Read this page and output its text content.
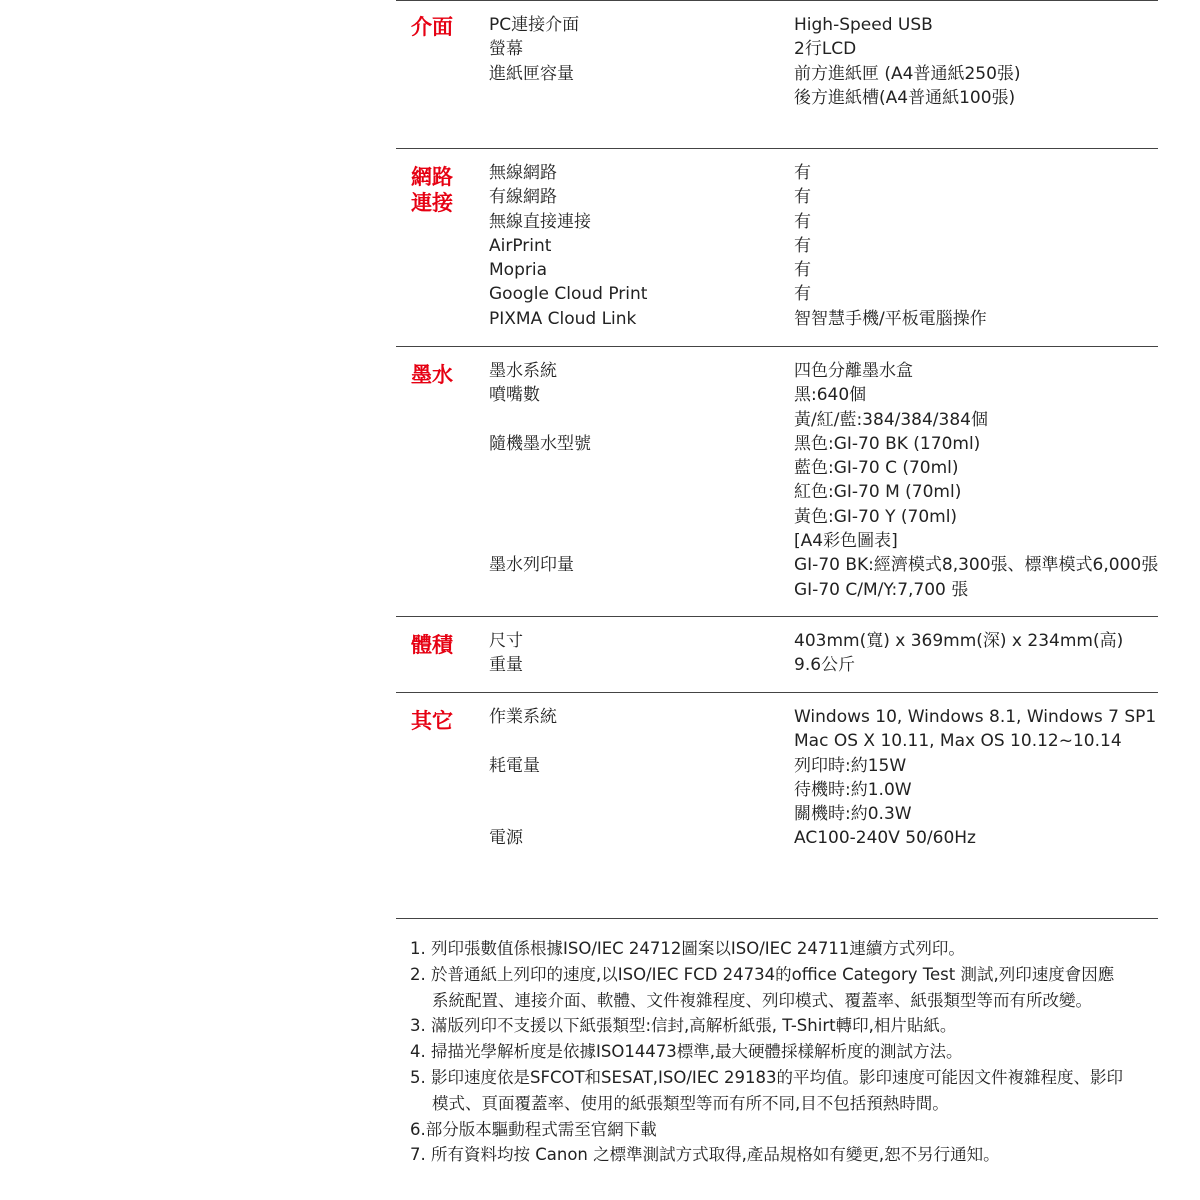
介面	PC連接介面	High-Speed USB
螢幕	2行LCD
進紙匣容量	前方進紙匣 (A4普通紙250張)
後方進紙槽(A4普通紙100張)
網路
連接
無線網路	有
有線網路	有
無線直接連接	有
AirPrint	有
Mopria	有
Google Cloud Print	有
PIXMA Cloud Link	智智慧手機/平板電腦操作
墨水	墨水系統	四色分離墨水盒
噴嘴數	黑:640個
黃/紅/藍:384/384/384個
隨機墨水型號	黑色:GI-70 BK (170ml)
藍色:GI-70 C (70ml)
紅色:GI-70 M (70ml)
黃色:GI-70 Y (70ml)
[A4彩色圖表]
墨水列印量	GI-70 BK:經濟模式8,300張、標準模式6,000張
GI-70 C/M/Y:7,700 張
體積	尺寸	403mm(寬) x 369mm(深) x 234mm(高)
重量	9.6公斤
其它	作業系統	Windows 10, Windows 8.1, Windows 7 SP1
Mac OS X 10.11, Max OS 10.12~10.14
耗電量	列印時:約15W
待機時:約1.0W
關機時:約0.3W
電源	AC100-240V 50/60Hz
1. 列印張數值係根據ISO/IEC 24712圖案以ISO/IEC 24711連續方式列印。
2. 於普通紙上列印的速度,以ISO/IEC FCD 24734的office Category Test 測試,列印速度會因應
系統配置、連接介面、軟體、文件複雜程度、列印模式、覆蓋率、紙張類型等而有所改變。
3. 滿版列印不支援以下紙張類型:信封,高解析紙張, T-Shirt轉印,相片貼紙。
4. 掃描光學解析度是依據ISO14473標準,最大硬體採樣解析度的測試方法。
5. 影印速度依是SFCOT和SESAT,ISO/IEC 29183的平均值。影印速度可能因文件複雜程度、影印
模式、頁面覆蓋率、使用的紙張類型等而有所不同,目不包括預熱時間。
6.部分版本驅動程式需至官網下載
7. 所有資料均按 Canon 之標準測試方式取得,產品規格如有變更,恕不另行通知。
